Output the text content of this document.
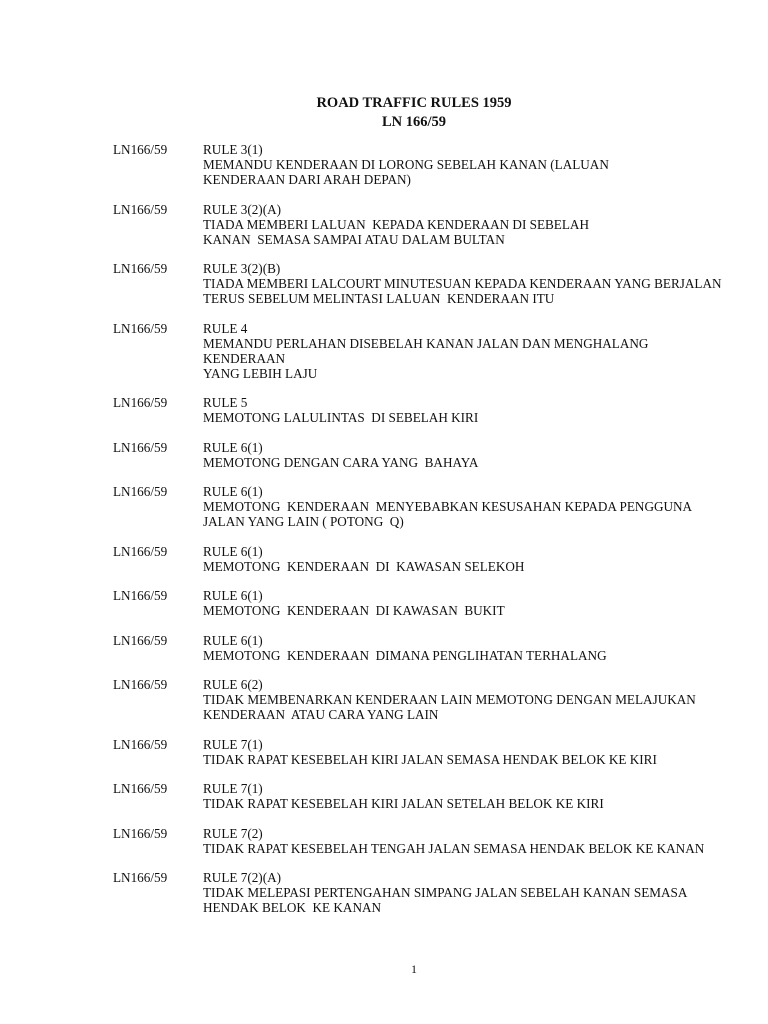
ROAD TRAFFIC RULES 1959
LN 166/59
LN166/59	RULE 3(1)
MEMANDU KENDERAAN DI LORONG SEBELAH KANAN (LALUAN
KENDERAAN DARI ARAH DEPAN)
LN166/59	RULE 3(2)(A)
TIADA MEMBERI LALUAN  KEPADA KENDERAAN DI SEBELAH
KANAN  SEMASA SAMPAI ATAU DALAM BULTAN
LN166/59	RULE 3(2)(B)
TIADA MEMBERI LALCOURT MINUTESUAN KEPADA KENDERAAN YANG BERJALAN
TERUS SEBELUM MELINTASI LALUAN  KENDERAAN ITU
LN166/59	RULE 4
MEMANDU PERLAHAN DISEBELAH KANAN JALAN DAN MENGHALANG KENDERAAN
YANG LEBIH LAJU
LN166/59	RULE 5
MEMOTONG LALULINTAS  DI SEBELAH KIRI
LN166/59	RULE 6(1)
MEMOTONG DENGAN CARA YANG  BAHAYA
LN166/59	RULE 6(1)
MEMOTONG  KENDERAAN  MENYEBABKAN KESUSAHAN KEPADA PENGGUNA
JALAN YANG LAIN ( POTONG  Q)
LN166/59	RULE 6(1)
MEMOTONG  KENDERAAN  DI  KAWASAN SELEKOH
LN166/59	RULE 6(1)
MEMOTONG  KENDERAAN  DI KAWASAN  BUKIT
LN166/59	RULE 6(1)
MEMOTONG  KENDERAAN  DIMANA PENGLIHATAN TERHALANG
LN166/59	RULE 6(2)
TIDAK MEMBENARKAN KENDERAAN LAIN MEMOTONG DENGAN MELAJUKAN
KENDERAAN  ATAU CARA YANG LAIN
LN166/59	RULE 7(1)
TIDAK RAPAT KESEBELAH KIRI JALAN SEMASA HENDAK BELOK KE KIRI
LN166/59	RULE 7(1)
TIDAK RAPAT KESEBELAH KIRI JALAN SETELAH BELOK KE KIRI
LN166/59	RULE 7(2)
TIDAK RAPAT KESEBELAH TENGAH JALAN SEMASA HENDAK BELOK KE KANAN
LN166/59	RULE 7(2)(A)
TIDAK MELEPASI PERTENGAHAN SIMPANG JALAN SEBELAH KANAN SEMASA
HENDAK BELOK  KE KANAN
1
